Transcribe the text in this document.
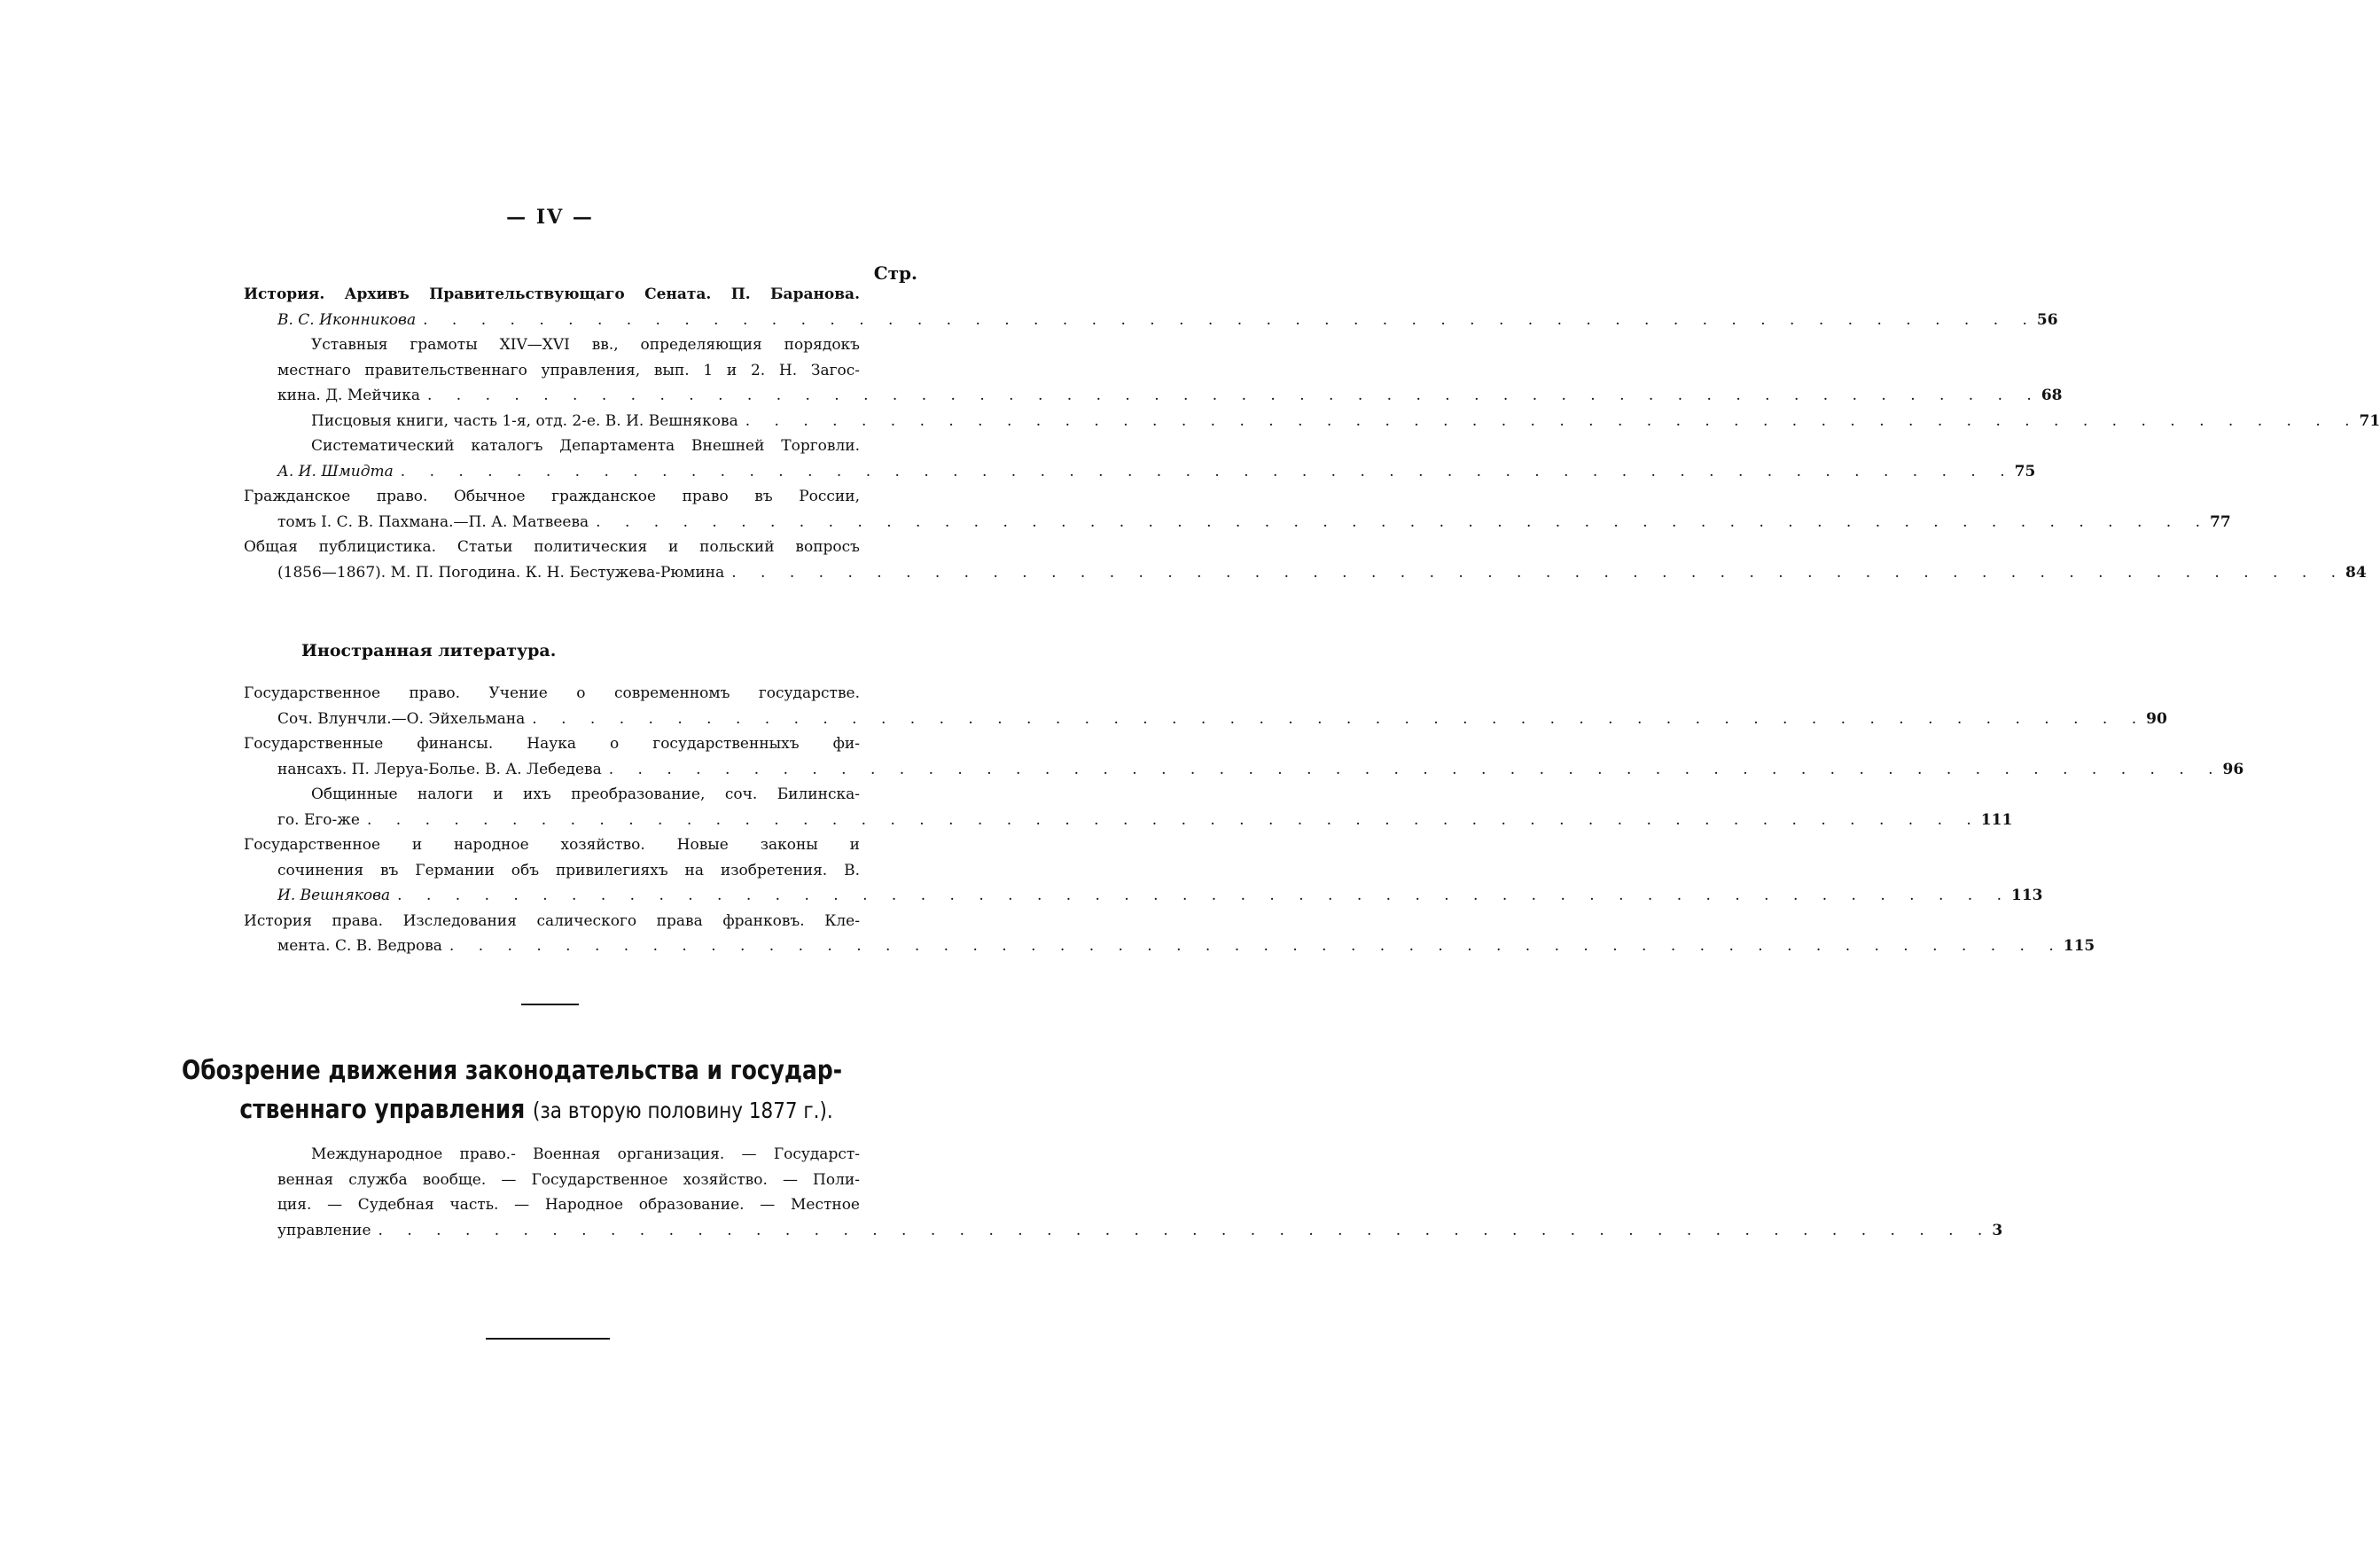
— IV —
Стр.
История. Архивъ Правительствующаго Сената. П. Баранова.
В. С. Иконникова . . . . . . . . . . . . . . . . . . . . . . . . . . . . . . . . . . . . . . . . . . . . . . . . . . . . . . . . 56
Уставныя грамоты XIV—XVI вв., определяющия порядокъ
местнаго правительственнаго управления, вып. 1 и 2. Н. Загос-
кина. Д. Мейчика . . . . . . . . . . . . . . . . . . . . . . . . . . . . . . . . . . . . . . . . . . . . . . . . . . . . . . . . 68
Писцовыя книги, часть 1-я, отд. 2-е. В. И. Вешнякова . . . . . . . . . . . . . . . . . . . . . . . . . . . . . . . . . . . . . . . . . . . . . . . . . . . . . . . . 71
Систематический каталогъ Департамента Внешней Торговли.
А. И. Шмидта . . . . . . . . . . . . . . . . . . . . . . . . . . . . . . . . . . . . . . . . . . . . . . . . . . . . . . . . 75
Гражданское право. Обычное гражданское право въ России,
томъ I. С. В. Пахмана.—П. А. Матвеева . . . . . . . . . . . . . . . . . . . . . . . . . . . . . . . . . . . . . . . . . . . . . . . . . . . . . . . . 77
Общая публицистика. Статьи политическия и польский вопросъ
(1856—1867). М. П. Погодина. К. Н. Бестужева-Рюмина . . . . . . . . . . . . . . . . . . . . . . . . . . . . . . . . . . . . . . . . . . . . . . . . . . . . . . . . 84
Иностранная литература.
Государственное право. Учение о современномъ государстве.
Соч. Влунчли.—О. Эйхельмана . . . . . . . . . . . . . . . . . . . . . . . . . . . . . . . . . . . . . . . . . . . . . . . . . . . . . . . . 90
Государственные финансы. Наука о государственныхъ фи-
нансахъ. П. Леруа-Болье. В. А. Лебедева . . . . . . . . . . . . . . . . . . . . . . . . . . . . . . . . . . . . . . . . . . . . . . . . . . . . . . . . 96
Общинные налоги и ихъ преобразование, соч. Билинска-
го. Его-же . . . . . . . . . . . . . . . . . . . . . . . . . . . . . . . . . . . . . . . . . . . . . . . . . . . . . . . . 111
Государственное и народное хозяйство. Новые законы и
сочинения въ Германии объ привилегияхъ на изобретения. В.
И. Вешнякова . . . . . . . . . . . . . . . . . . . . . . . . . . . . . . . . . . . . . . . . . . . . . . . . . . . . . . . . 113
История права. Изследования салического права франковъ. Кле-
мента. С. В. Ведрова . . . . . . . . . . . . . . . . . . . . . . . . . . . . . . . . . . . . . . . . . . . . . . . . . . . . . . . . 115
Обозрение движения законодательства и государ-
ственнаго управления (за вторую половину 1877 г.).
Международное право.- Военная организация. — Государст-
венная служба вообще. — Государственное хозяйство. — Поли-
ция. — Судебная часть. — Народное образование. — Местное
управление . . . . . . . . . . . . . . . . . . . . . . . . . . . . . . . . . . . . . . . . . . . . . . . . . . . . . . . . 3
